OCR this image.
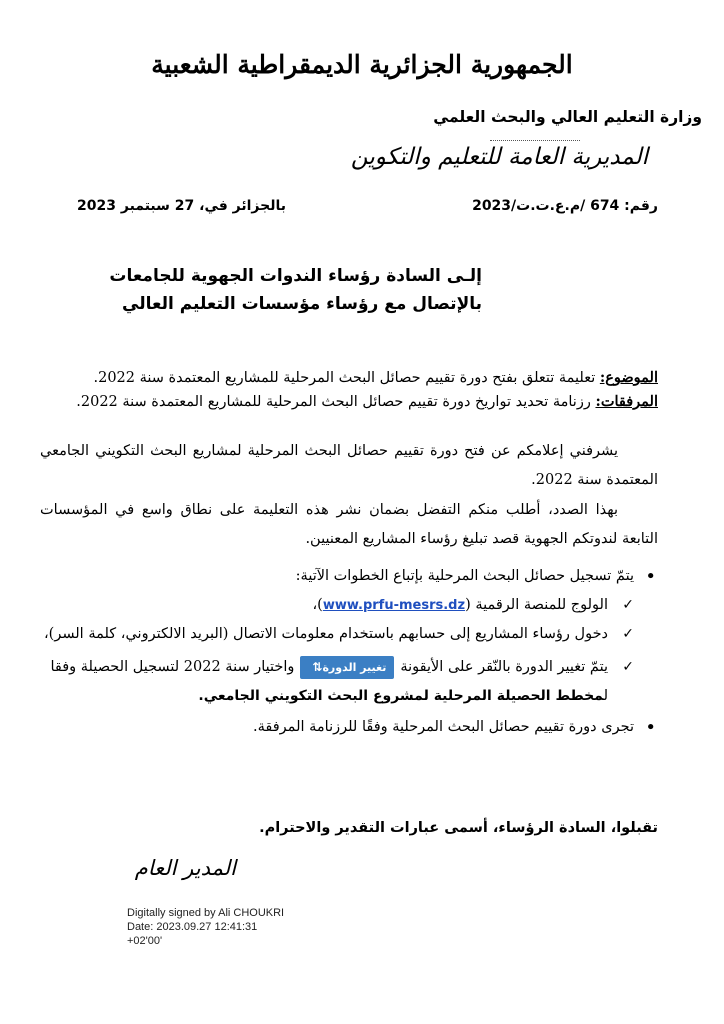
الجمهورية الجزائرية الديمقراطية الشعبية
وزارة التعليم العالي والبحث العلمي
المديرية العامة للتعليم والتكوين
رقم: 674 /م.ع.ت.ت/2023
بالجزائر في، 27 سبتمبر 2023
إلـى السادة رؤساء الندوات الجهوية للجامعات
بالإتصال مع رؤساء مؤسسات التعليم العالي
الموضوع: تعليمة تتعلق بفتح دورة تقييم حصائل البحث المرحلية للمشاريع المعتمدة سنة 2022.
المرفقات: رزنامة تحديد تواريخ دورة تقييم حصائل البحث المرحلية للمشاريع المعتمدة سنة 2022.
يشرفني إعلامكم عن فتح دورة تقييم حصائل البحث المرحلية لمشاريع البحث التكويني الجامعي المعتمدة سنة 2022.
بهذا الصدد، أطلب منكم التفضل بضمان نشر هذه التعليمة على نطاق واسع في المؤسسات التابعة لندوتكم الجهوية قصد تبليغ رؤساء المشاريع المعنيين.
• يتمّ تسجيل حصائل البحث المرحلية بإتباع الخطوات الآتية:
✓
الولوج للمنصة الرقمية (www.prfu-mesrs.dz)،
✓
دخول رؤساء المشاريع إلى حسابهم باستخدام معلومات الاتصال (البريد الالكتروني، كلمة السر)،
✓
يتمّ تغيير الدورة بالنّقر على الأيقونةتغيير الدورة⇅واختيار سنة 2022 لتسجيل الحصيلة وفقا لمخطط الحصيلة المرحلية لمشروع البحث التكويني الجامعي.
• تجرى دورة تقييم حصائل البحث المرحلية وفقًا للرزنامة المرفقة.
تقبلوا، السادة الرؤساء، أسمى عبارات التقدير والاحترام.
المدير العام
Digitally signed by Ali CHOUKRI
Date: 2023.09.27 12:41:31
+02'00'
